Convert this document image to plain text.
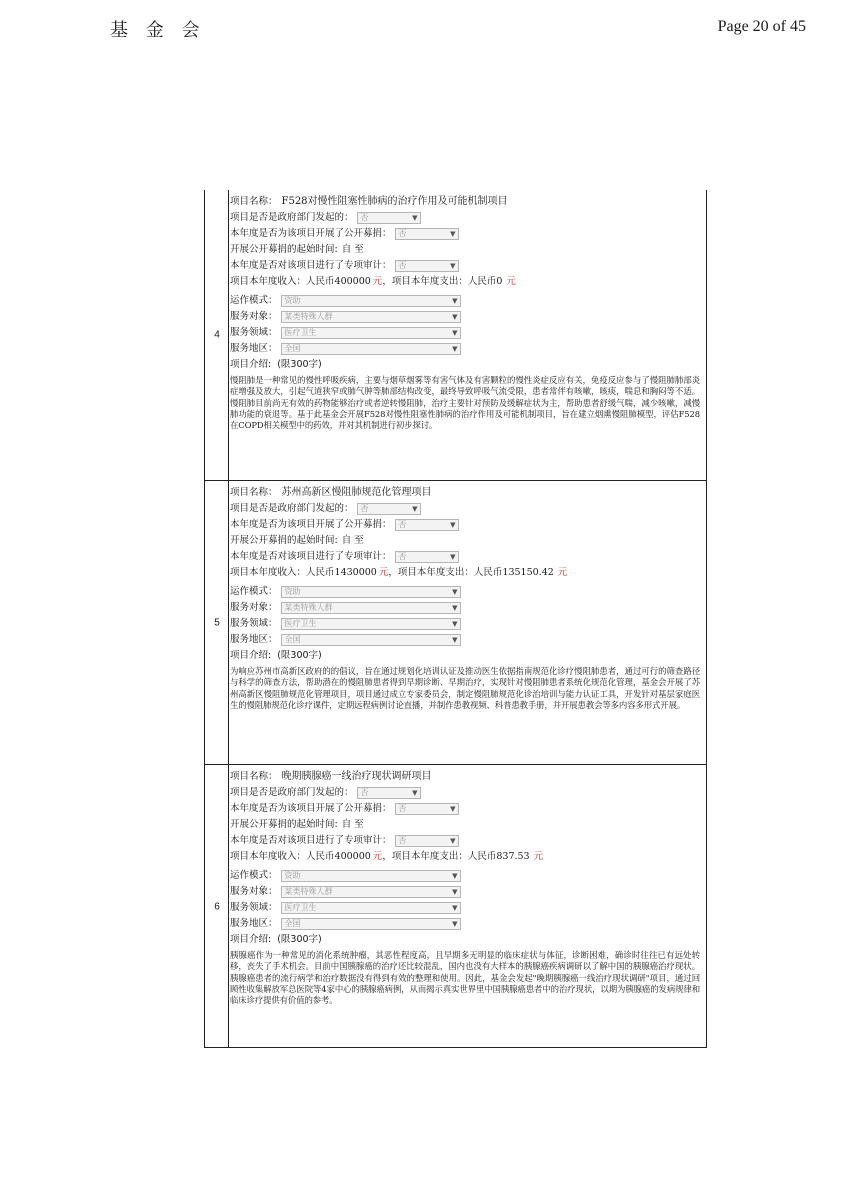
基 金 会	Page 20 of 45
4
项目名称： F528对慢性阻塞性肺病的治疗作用及可能机制项目
项目是否是政府部门发起的： 否	▼
本年度是否为该项目开展了公开募捐： 否	▼
开展公开募捐的起始时间: 自 至
本年度是否对该项目进行了专项审计： 否	▼
项目本年度收入： 人民币 400000 元 ， 项目本年度支出： 人民币 0 元
运作模式： 资助	▼
服务对象： 某类特殊人群	▼
服务领域： 医疗卫生	▼
服务地区： 全国	▼
项目介绍: (限300字)
慢阻肺是一种常见的慢性呼吸疾病，主要与烟草烟雾等有害气体及有害颗粒的慢性炎症反应有关，免疫反应参与了慢阻肺肺部炎症增强及放大，引起气道狭窄或肺气肿等肺部结构改变，最终导致呼吸气流受限，患者常伴有咳嗽，咳痰，喘息和胸闷等不适。慢阻肺目前尚无有效的药物能够治疗或者逆转慢阻肺，治疗主要针对预防及缓解症状为主，帮助患者舒缓气喘，减少咳嗽，减慢肺功能的衰退等。基于此基金会开展F528对慢性阻塞性肺病的治疗作用及可能机制项目，旨在建立烟熏慢阻肺模型，评估F528在COPD相关模型中的药效，并对其机制进行初步探讨。
5
项目名称： 苏州高新区慢阻肺规范化管理项目
项目是否是政府部门发起的： 否	▼
本年度是否为该项目开展了公开募捐： 否	▼
开展公开募捐的起始时间: 自 至
本年度是否对该项目进行了专项审计： 否	▼
项目本年度收入： 人民币 1430000 元 ， 项目本年度支出： 人民币 135150.42 元
运作模式： 资助	▼
服务对象： 某类特殊人群	▼
服务领域： 医疗卫生	▼
服务地区： 全国	▼
项目介绍: (限300字)
为响应苏州市高新区政府的的倡议，旨在通过规划化培训认证及推动医生依据指南规范化诊疗慢阻肺患者，通过可行的筛查路径与科学的筛查方法，帮助潜在的慢阻肺患者得到早期诊断、早期治疗，实现针对慢阻肺患者系统化规范化管理，基金会开展了苏州高新区慢阻肺规范化管理项目，项目通过成立专家委员会，制定慢阻肺规范化诊治培训与能力认证工具，开发针对基层家庭医生的慢阻肺规范化诊疗课件，定期远程病例讨论直播，并制作患教视频、科普患教手册，并开展患教会等多内容多形式开展。
6
项目名称： 晚期胰腺癌一线治疗现状调研项目
项目是否是政府部门发起的： 否	▼
本年度是否为该项目开展了公开募捐： 否	▼
开展公开募捐的起始时间: 自 至
本年度是否对该项目进行了专项审计： 否	▼
项目本年度收入： 人民币 400000 元 ， 项目本年度支出： 人民币 837.53 元
运作模式： 资助	▼
服务对象： 某类特殊人群	▼
服务领域： 医疗卫生	▼
服务地区： 全国	▼
项目介绍: (限300字)
胰腺癌作为一种常见的消化系统肿瘤，其恶性程度高，且早期多无明显的临床症状与体征，诊断困难，确诊时往往已有远处转移，丧失了手术机会。目前中国胰腺癌的治疗还比较混乱，国内也没有大样本的胰腺癌疾病调研以了解中国的胰腺癌治疗现状。胰腺癌患者的流行病学和治疗数据没有得到有效的整理和使用。因此，基金会发起"晚期胰腺癌一线治疗现状调研"项目，通过回顾性收集解放军总医院等4家中心的胰腺癌病例，从而揭示真实世界里中国胰腺癌患者中的治疗现状，以期为胰腺癌的发病规律和临床诊疗提供有价值的参考。
